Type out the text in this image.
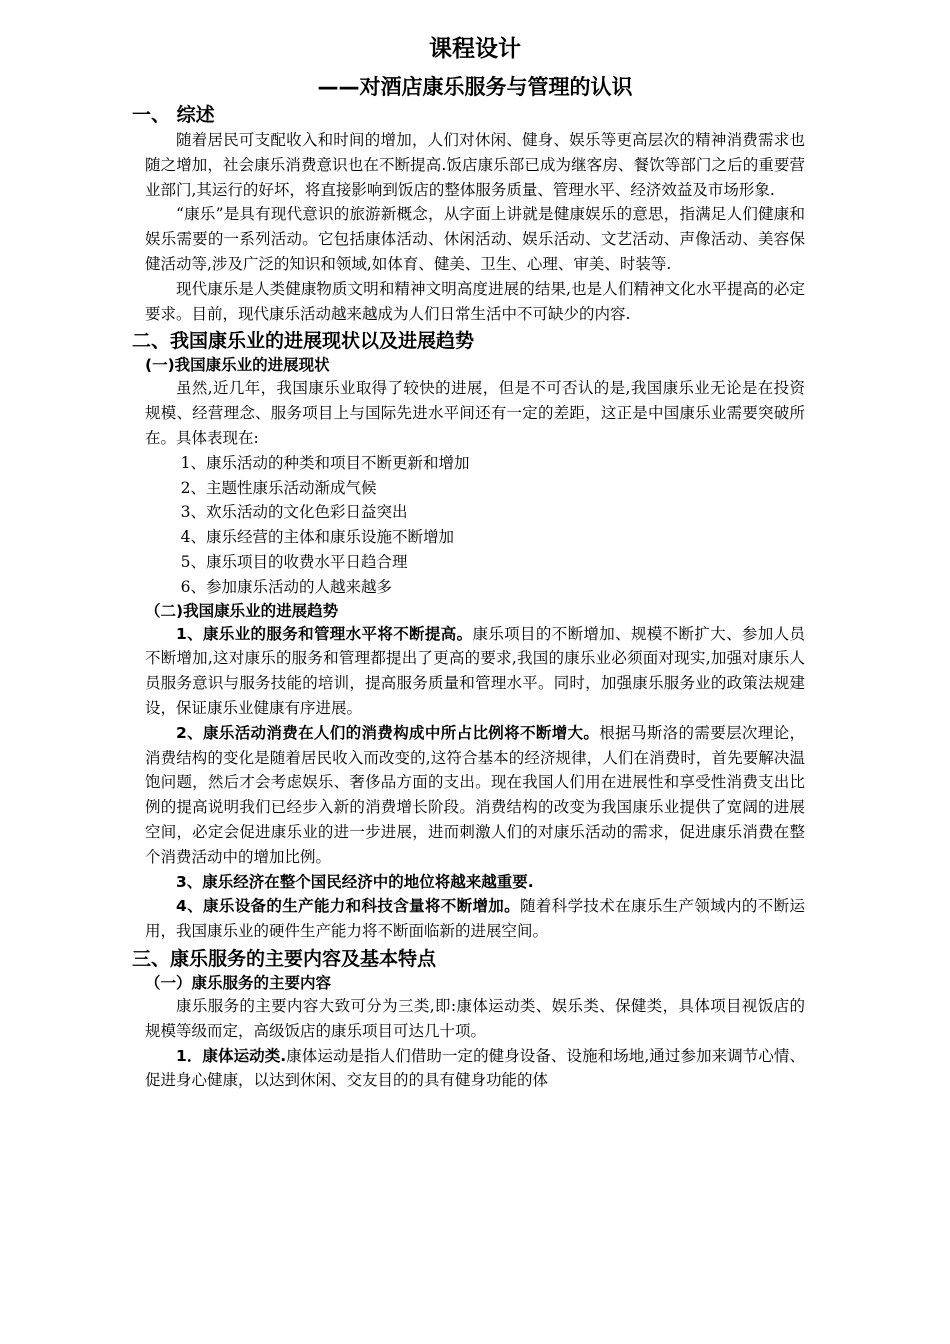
课程设计

——对酒店康乐服务与管理的认识

一、 综述

随着居民可支配收入和时间的增加，人们对休闲、健身、娱乐等更高层次的精神消费需求也随之增加，社会康乐消费意识也在不断提高.饭店康乐部已成为继客房、餐饮等部门之后的重要营业部门,其运行的好坏，将直接影响到饭店的整体服务质量、管理水平、经济效益及市场形象.

“康乐”是具有现代意识的旅游新概念，从字面上讲就是健康娱乐的意思，指满足人们健康和娱乐需要的一系列活动。它包括康体活动、休闲活动、娱乐活动、文艺活动、声像活动、美容保健活动等,涉及广泛的知识和领域,如体育、健美、卫生、心理、审美、时装等.

现代康乐是人类健康物质文明和精神文明高度进展的结果,也是人们精神文化水平提高的必定要求。目前，现代康乐活动越来越成为人们日常生活中不可缺少的内容.

二、我国康乐业的进展现状以及进展趋势

(一)我国康乐业的进展现状

虽然,近几年，我国康乐业取得了较快的进展，但是不可否认的是,我国康乐业无论是在投资规模、经营理念、服务项目上与国际先进水平间还有一定的差距，这正是中国康乐业需要突破所在。具体表现在:

1、康乐活动的种类和项目不断更新和增加

2、主题性康乐活动渐成气候

3、欢乐活动的文化色彩日益突出

4、康乐经营的主体和康乐设施不断增加

5、康乐项目的收费水平日趋合理

6、参加康乐活动的人越来越多

（二)我国康乐业的进展趋势

1、康乐业的服务和管理水平将不断提高。康乐项目的不断增加、规模不断扩大、参加人员不断增加,这对康乐的服务和管理都提出了更高的要求,我国的康乐业必须面对现实,加强对康乐人员服务意识与服务技能的培训，提高服务质量和管理水平。同时，加强康乐服务业的政策法规建设，保证康乐业健康有序进展。

2、康乐活动消费在人们的消费构成中所占比例将不断增大。根据马斯洛的需要层次理论，消费结构的变化是随着居民收入而改变的,这符合基本的经济规律，人们在消费时，首先要解决温饱问题，然后才会考虑娱乐、奢侈品方面的支出。现在我国人们用在进展性和享受性消费支出比例的提高说明我们已经步入新的消费增长阶段。消费结构的改变为我国康乐业提供了宽阔的进展空间，必定会促进康乐业的进一步进展，进而刺激人们的对康乐活动的需求，促进康乐消费在整个消费活动中的增加比例。

3、康乐经济在整个国民经济中的地位将越来越重要.

4、康乐设备的生产能力和科技含量将不断增加。随着科学技术在康乐生产领域内的不断运用，我国康乐业的硬件生产能力将不断面临新的进展空间。

三、康乐服务的主要内容及基本特点

（一）康乐服务的主要内容

康乐服务的主要内容大致可分为三类,即:康体运动类、娱乐类、保健类，具体项目视饭店的规模等级而定，高级饭店的康乐项目可达几十项。

1．康体运动类.康体运动是指人们借助一定的健身设备、设施和场地,通过参加来调节心情、促进身心健康，以达到休闲、交友目的的具有健身功能的体
